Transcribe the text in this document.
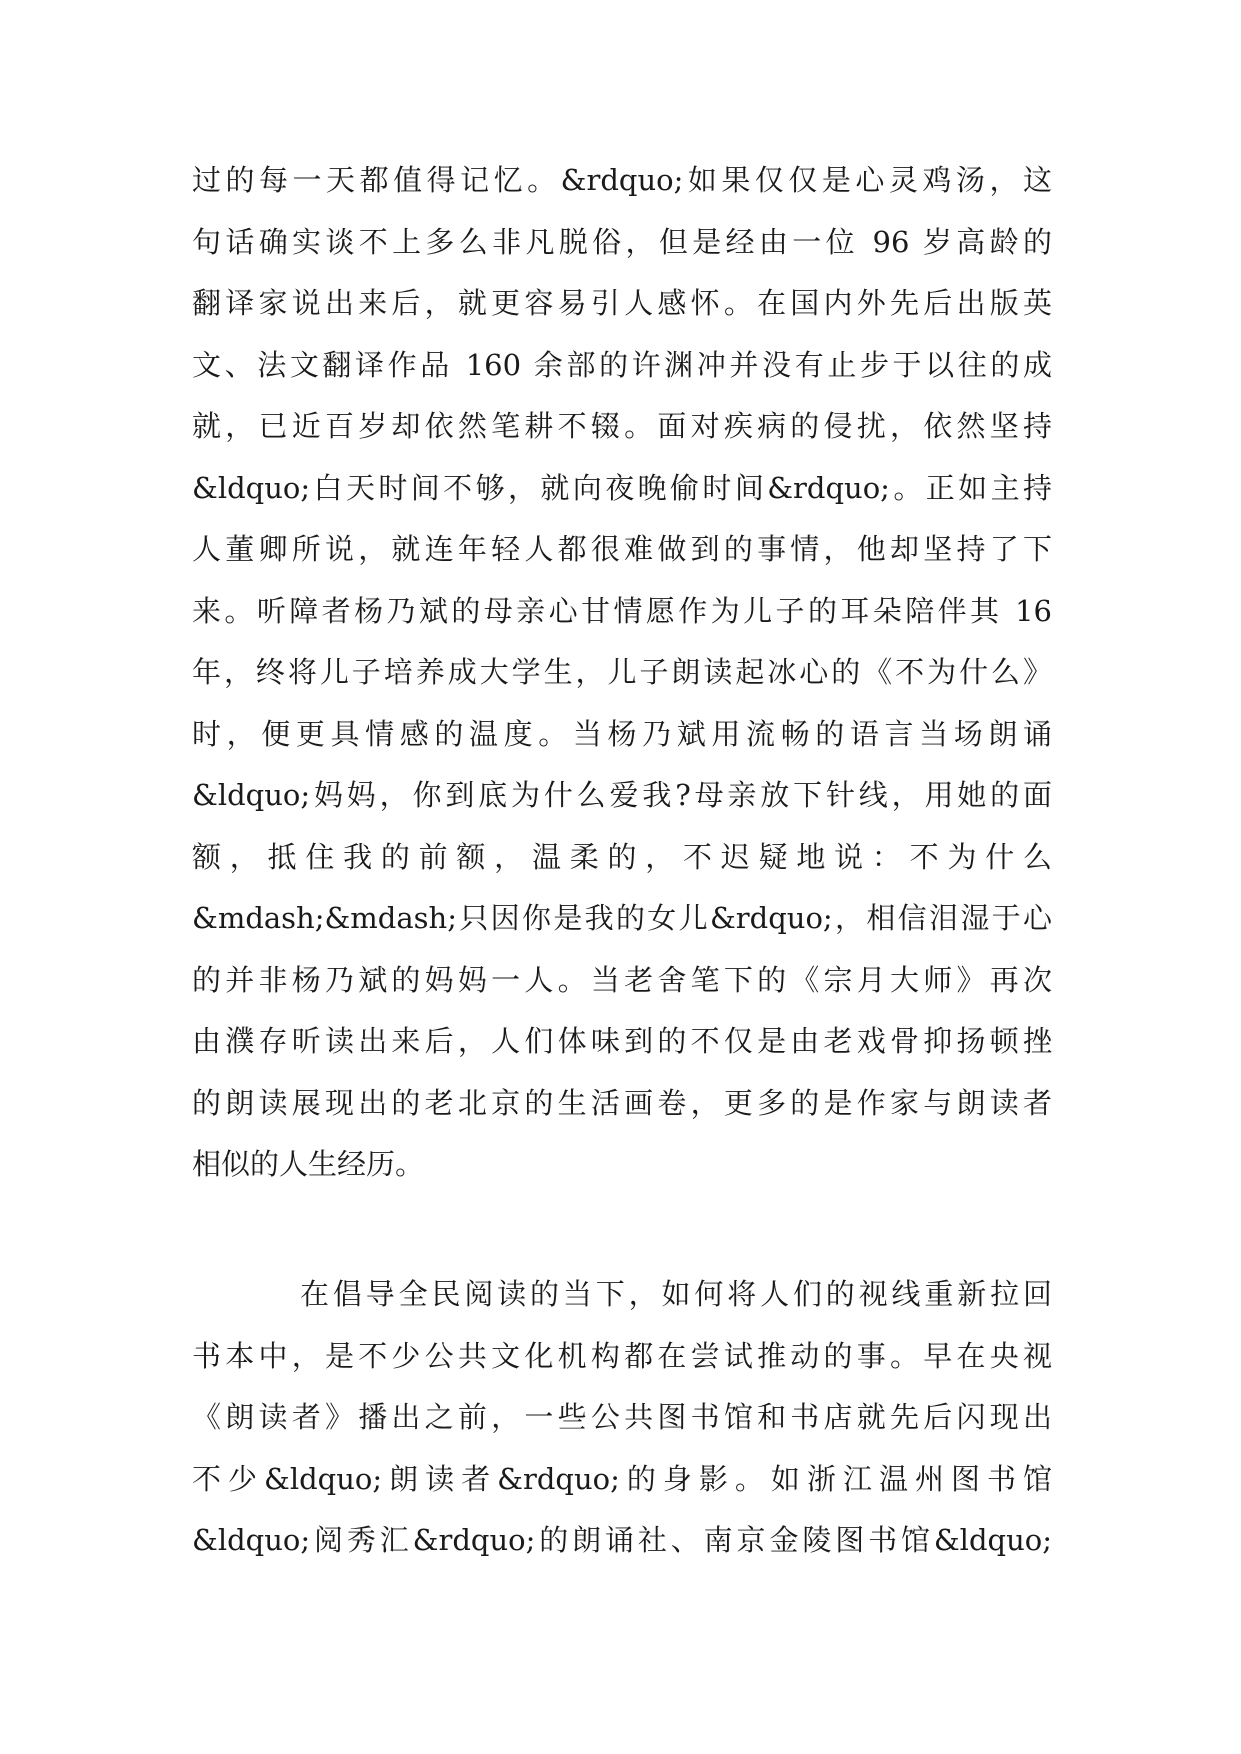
过的每一天都值得记忆。&rdquo;如果仅仅是心灵鸡汤，这
句话确实谈不上多么非凡脱俗，但是经由一位 96 岁高龄的
翻译家说出来后，就更容易引人感怀。在国内外先后出版英
文、法文翻译作品 160 余部的许渊冲并没有止步于以往的成
就，已近百岁却依然笔耕不辍。面对疾病的侵扰，依然坚持
&ldquo;白天时间不够，就向夜晚偷时间&rdquo;。正如主持
人董卿所说，就连年轻人都很难做到的事情，他却坚持了下
来。听障者杨乃斌的母亲心甘情愿作为儿子的耳朵陪伴其 16
年，终将儿子培养成大学生，儿子朗读起冰心的《不为什么》
时，便更具情感的温度。当杨乃斌用流畅的语言当场朗诵
&ldquo;妈妈，你到底为什么爱我?母亲放下针线，用她的面
额，抵住我的前额，温柔的，不迟疑地说：不为什么
&mdash;&mdash;只因你是我的女儿&rdquo;，相信泪湿于心
的并非杨乃斌的妈妈一人。当老舍笔下的《宗月大师》再次
由濮存昕读出来后，人们体味到的不仅是由老戏骨抑扬顿挫
的朗读展现出的老北京的生活画卷，更多的是作家与朗读者
相似的人生经历。
在倡导全民阅读的当下，如何将人们的视线重新拉回
书本中，是不少公共文化机构都在尝试推动的事。早在央视
《朗读者》播出之前，一些公共图书馆和书店就先后闪现出
不少&ldquo;朗读者&rdquo;的身影。如浙江温州图书馆
&ldquo;阅秀汇&rdquo;的朗诵社、南京金陵图书馆&ldquo;
